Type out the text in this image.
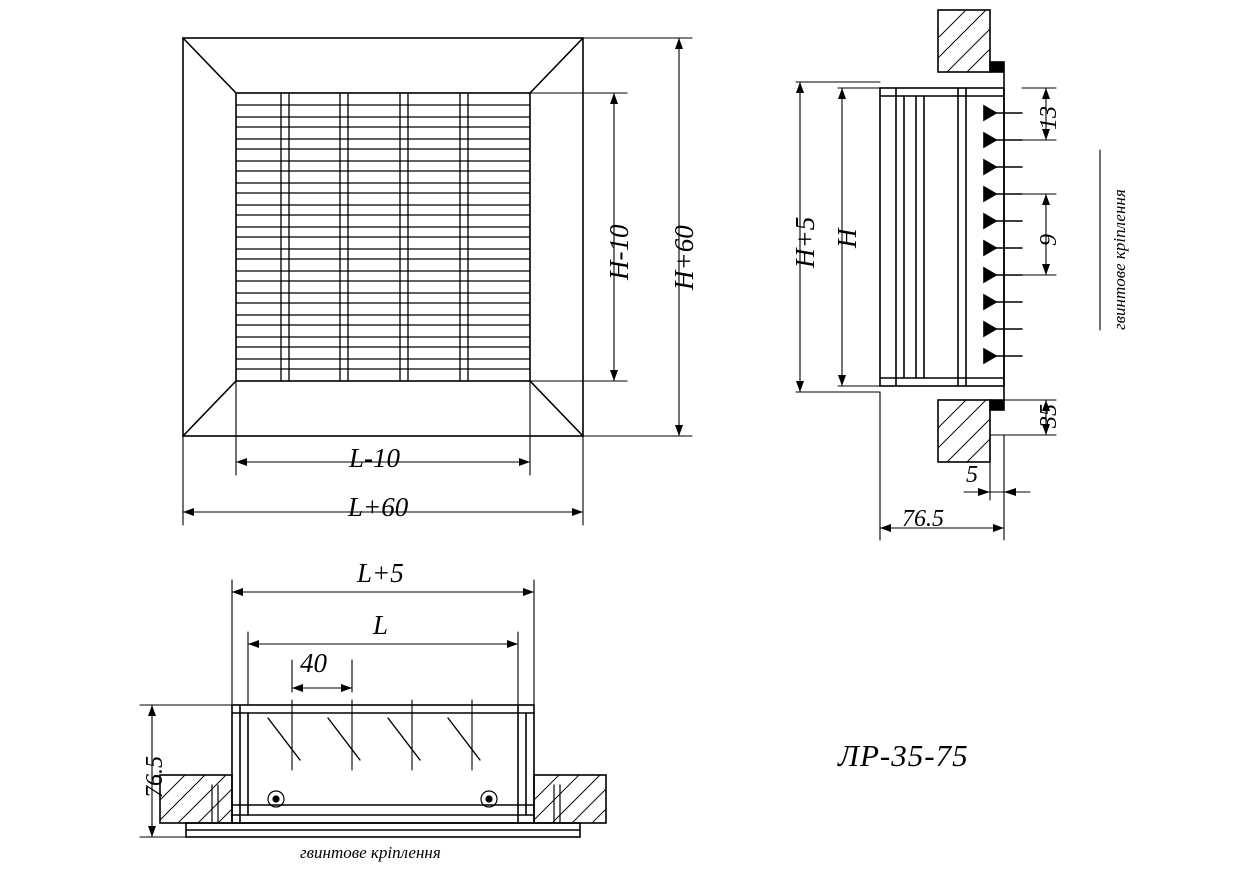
H-10 H+60
L-10
L+60
H+5 H
13
9
35
5
76.5
гвинтове кріплення
L+5
L
40
76.5
гвинтове кріплення
ЛР-35-75
